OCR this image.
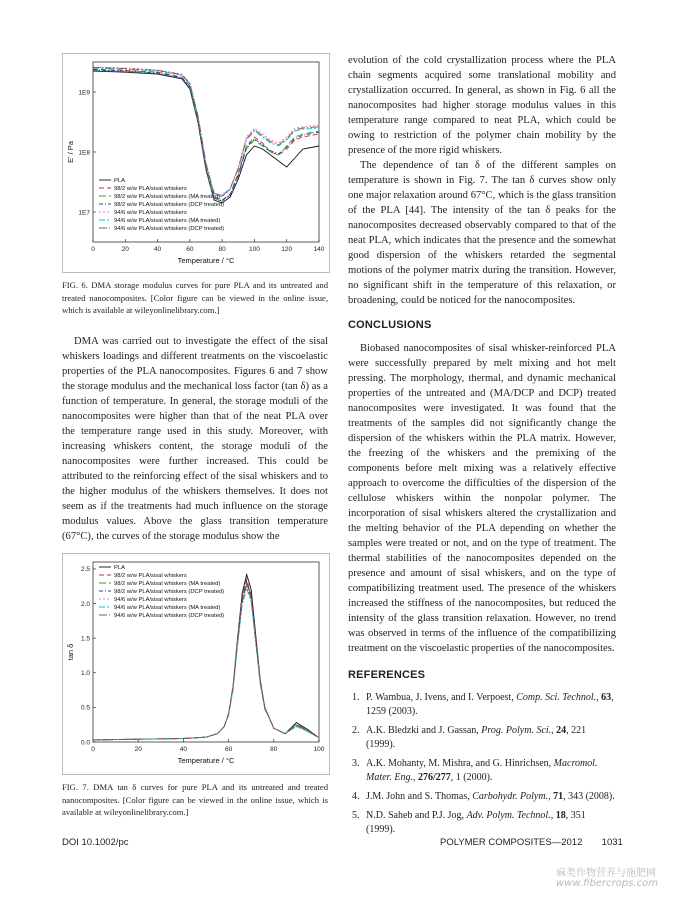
0	20	40	60	80	100	120	140
1E7
1E8
1E9
Temperature / °C
E' / Pa
PLA
98/2 w/w PLA/sisal whiskers
98/2 w/w PLA/sisal whiskers (MA treated)
98/2 w/w PLA/sisal whiskers (DCP treated)
94/6 w/w PLA/sisal whiskers
94/6 w/w PLA/sisal whiskers (MA treated)
94/6 w/w PLA/sisal whiskers (DCP treated)
FIG. 6. DMA storage modulus curves for pure PLA and its untreated and treated nanocomposites. [Color figure can be viewed in the online issue, which is available at wileyonlinelibrary.com.]

DMA was carried out to investigate the effect of the sisal whiskers loadings and different treatments on the viscoelastic properties of the PLA nanocomposites. Figures 6 and 7 show the storage modulus and the mechanical loss factor (tan δ) as a function of temperature. In general, the storage moduli of the nanocomposites were higher than that of the neat PLA over the temperature range used in this study. Moreover, with increasing whiskers content, the storage moduli of the nanocomposites were further increased. This could be attributed to the reinforcing effect of the sisal whiskers and to the higher modulus of the whiskers themselves. It does not seem as if the treatments had much influence on the storage modulus values. Above the glass transition temperature (67°C), the curves of the storage modulus show the

0	20	40	60	80	100
0.0
0.5
1.0
1.5
2.0
2.5
Temperature / °C
tan δ
PLA
98/2 w/w PLA/sisal whiskers
98/2 w/w PLA/sisal whiskers (MA treated)
98/2 w/w PLA/sisal whiskers (DCP treated)
94/6 w/w PLA/sisal whiskers
94/6 w/w PLA/sisal whiskers (MA treated)
94/6 w/w PLA/sisal whiskers (DCP treated)
FIG. 7. DMA tan δ curves for pure PLA and its untreated and treated nanocomposites. [Color figure can be viewed in the online issue, which is available at wileyonlinelibrary.com.]

evolution of the cold crystallization process where the PLA chain segments acquired some translational mobility and crystallization occurred. In general, as shown in Fig. 6 all the nanocomposites had higher storage modulus values in this temperature range compared to neat PLA, which could be owing to restriction of the polymer chain mobility by the presence of the more rigid whiskers.

The dependence of tan δ of the different samples on temperature is shown in Fig. 7. The tan δ curves show only one major relaxation around 67°C, which is the glass transition of the PLA [44]. The intensity of the tan δ peaks for the nanocomposites decreased observably compared to that of the neat PLA, which indicates that the presence and the somewhat good dispersion of the whiskers retarded the segmental motions of the polymer matrix during the transition. However, no significant shift in the temperature of this relaxation, or broadening, could be noticed for the nanocomposites.

CONCLUSIONS

Biobased nanocomposites of sisal whisker-reinforced PLA were successfully prepared by melt mixing and hot melt pressing. The morphology, thermal, and dynamic mechanical properties of the untreated and (MA/DCP and DCP) treated nanocomposites were investigated. It was found that the treatments of the samples did not significantly change the dispersion of the whiskers within the PLA matrix. However, the freezing of the whiskers and the premixing of the components before melt mixing was a relatively effective approach to overcome the difficulties of the dispersion of the cellulose whiskers within the nonpolar polymer. The incorporation of sisal whiskers altered the crystallization and the melting behavior of the PLA depending on whether the samples were treated or not, and on the type of treatment. The thermal stabilities of the nanocomposites depended on the presence and amount of sisal whiskers, and on the type of compatibilizing treatment used. The presence of the whiskers increased the stiffness of the nanocomposites, but reduced the intensity of the glass transition relaxation. However, no trend was observed in terms of the influence of the compatibilizing treatment on the viscoelastic properties of the nanocomposites.

REFERENCES
1. P. Wambua, J. Ivens, and I. Verpoest, Comp. Sci. Technol., 63, 1259 (2003).
2. A.K. Bledzki and J. Gassan, Prog. Polym. Sci., 24, 221 (1999).
3. A.K. Mohanty, M. Mishra, and G. Hinrichsen, Macromol. Mater. Eng., 276/277, 1 (2000).
4. J.M. John and S. Thomas, Carbohydr. Polym., 71, 343 (2008).
5. N.D. Saheb and P.J. Jog, Adv. Polym. Technol., 18, 351 (1999).
DOI 10.1002/pc	POLYMER COMPOSITES—2012 1031
麻类作物营养与施肥网
www.fibercrops.com
